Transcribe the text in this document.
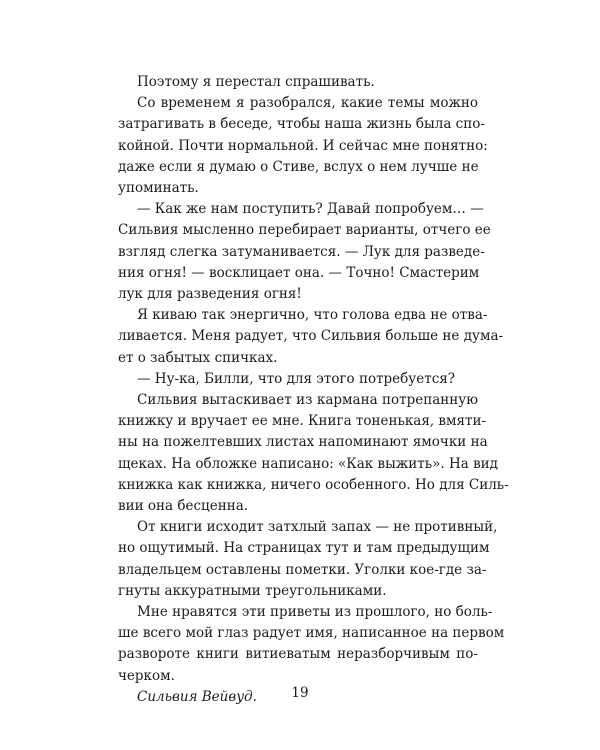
Поэтому я перестал спрашивать.

Со временем я разобрался, какие темы можно
затрагивать в беседе, чтобы наша жизнь была спо-
койной. Почти нормальной. И сейчас мне понятно:
даже если я думаю о Стиве, вслух о нем лучше не
упоминать.

— Как же нам поступить? Давай попробуем… —
Сильвия мысленно перебирает варианты, отчего ее
взгляд слегка затуманивается. — Лук для разведе-
ния огня! — восклицает она. — Точно! Смастерим
лук для разведения огня!

Я киваю так энергично, что голова едва не отва-
ливается. Меня радует, что Сильвия больше не дума-
ет о забытых спичках.

— Ну-ка, Билли, что для этого потребуется?

Сильвия вытаскивает из кармана потрепанную
книжку и вручает ее мне. Книга тоненькая, вмяти-
ны на пожелтевших листах напоминают ямочки на
щеках. На обложке написано: «Как выжить». На вид
книжка как книжка, ничего особенного. Но для Силь-
вии она бесценна.

От книги исходит затхлый запах — не противный,
но ощутимый. На страницах тут и там предыдущим
владельцем оставлены пометки. Уголки кое-где за-
гнуты аккуратными треугольниками.

Мне нравятся эти приветы из прошлого, но боль-
ше всего мой глаз радует имя, написанное на первом
развороте книги витиеватым неразборчивым по-
черком.

Сильвия Вейвуд.	19
